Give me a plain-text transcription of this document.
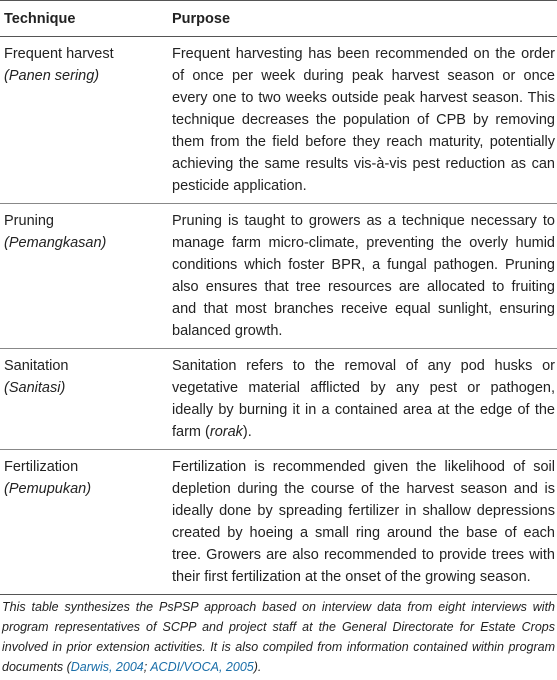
Technique	Purpose

Frequent harvest
(Panen sering)	Frequent harvesting has been recommended on the order of once per week during peak harvest season or once every one to two weeks outside peak harvest season. This technique decreases the population of CPB by removing them from the field before they reach maturity, potentially achieving the same results vis-à-vis pest reduction as can pesticide application.

Pruning
(Pemangkasan)	Pruning is taught to growers as a technique necessary to manage farm micro-climate, preventing the overly humid conditions which foster BPR, a fungal pathogen. Pruning also ensures that tree resources are allocated to fruiting and that most branches receive equal sunlight, ensuring balanced growth.

Sanitation
(Sanitasi)	Sanitation refers to the removal of any pod husks or vegetative material afflicted by any pest or pathogen, ideally by burning it in a contained area at the edge of the farm (rorak).

Fertilization
(Pemupukan)	Fertilization is recommended given the likelihood of soil depletion during the course of the harvest season and is ideally done by spreading fertilizer in shallow depressions created by hoeing a small ring around the base of each tree. Growers are also recommended to provide trees with their first fertilization at the onset of the growing season.
This table synthesizes the PsPSP approach based on interview data from eight interviews with program representatives of SCPP and project staff at the General Directorate for Estate Crops involved in prior extension activities. It is also compiled from information contained within program documents (Darwis, 2004; ACDI/VOCA, 2005).
